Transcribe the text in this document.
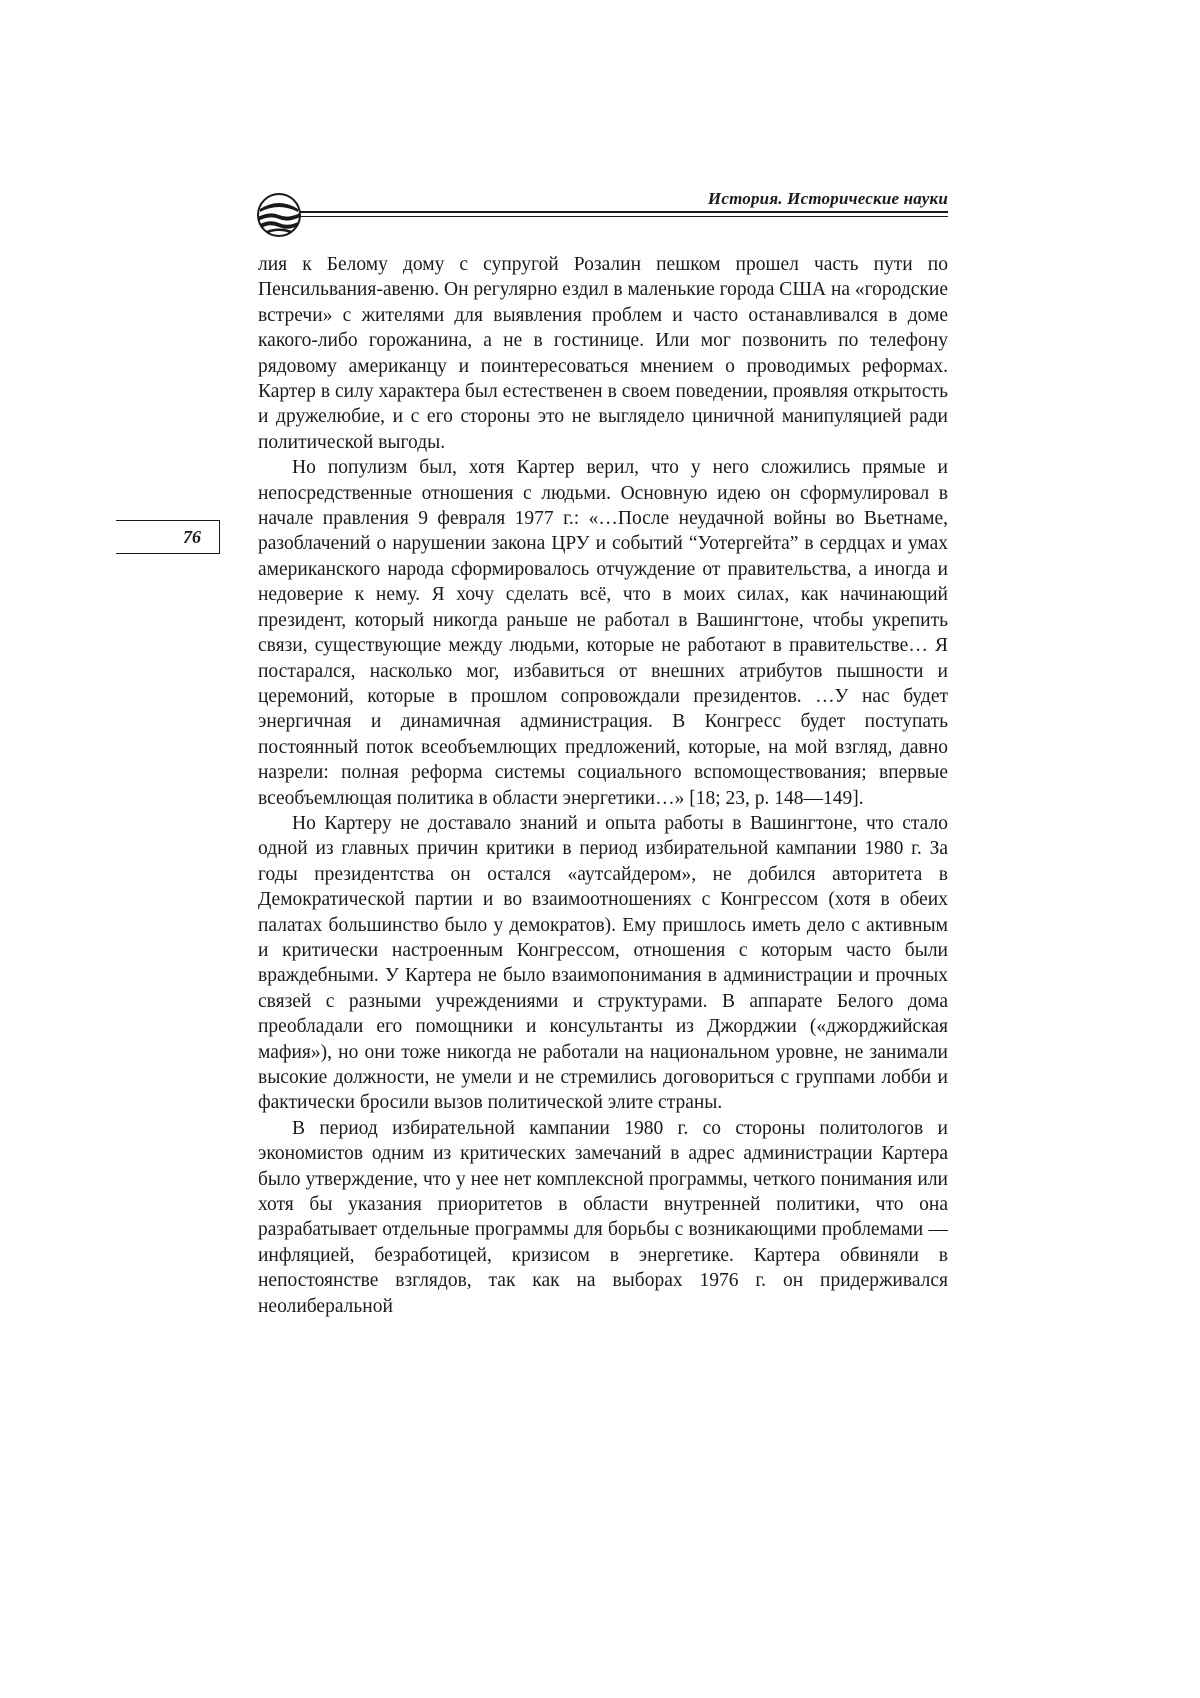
История. Исторические науки
76

лия к Белому дому с супругой Розалин пешком прошел часть пути по Пенсильвания-авеню. Он регулярно ездил в маленькие города США на «городские встречи» с жителями для выявления проблем и часто останавливался в доме какого-либо горожанина, а не в гостинице. Или мог позвонить по телефону рядовому американцу и поинтересоваться мнением о проводимых реформах. Картер в силу характера был естественен в своем поведении, проявляя открытость и дружелюбие, и с его стороны это не выглядело циничной манипуляцией ради политической выгоды.

Но популизм был, хотя Картер верил, что у него сложились прямые и непосредственные отношения с людьми. Основную идею он сформулировал в начале правления 9 февраля 1977 г.: «…После неудачной войны во Вьетнаме, разоблачений о нарушении закона ЦРУ и событий “Уотергейта” в сердцах и умах американского народа сформировалось отчуждение от правительства, а иногда и недоверие к нему. Я хочу сделать всё, что в моих силах, как начинающий президент, который никогда раньше не работал в Вашингтоне, чтобы укрепить связи, существующие между людьми, которые не работают в правительстве… Я постарался, насколько мог, избавиться от внешних атрибутов пышности и церемоний, которые в прошлом сопровождали президентов. …У нас будет энергичная и динамичная администрация. В Конгресс будет поступать постоянный поток всеобъемлющих предложений, которые, на мой взгляд, давно назрели: полная реформа системы социального вспомоществования; впервые всеобъемлющая политика в области энергетики…» [18; 23, p. 148—149].

Но Картеру не доставало знаний и опыта работы в Вашингтоне, что стало одной из главных причин критики в период избирательной кампании 1980 г. За годы президентства он остался «аутсайдером», не добился авторитета в Демократической партии и во взаимоотношениях с Конгрессом (хотя в обеих палатах большинство было у демократов). Ему пришлось иметь дело с активным и критически настроенным Конгрессом, отношения с которым часто были враждебными. У Картера не было взаимопонимания в администрации и прочных связей с разными учреждениями и структурами. В аппарате Белого дома преобладали его помощники и консультанты из Джорджии («джорджийская мафия»), но они тоже никогда не работали на национальном уровне, не занимали высокие должности, не умели и не стремились договориться с группами лобби и фактически бросили вызов политической элите страны.

В период избирательной кампании 1980 г. со стороны политологов и экономистов одним из критических замечаний в адрес администрации Картера было утверждение, что у нее нет комплексной программы, четкого понимания или хотя бы указания приоритетов в области внутренней политики, что она разрабатывает отдельные программы для борьбы с возникающими проблемами — инфляцией, безработицей, кризисом в энергетике. Картера обвиняли в непостоянстве взглядов, так как на выборах 1976 г. он придерживался неолиберальной
